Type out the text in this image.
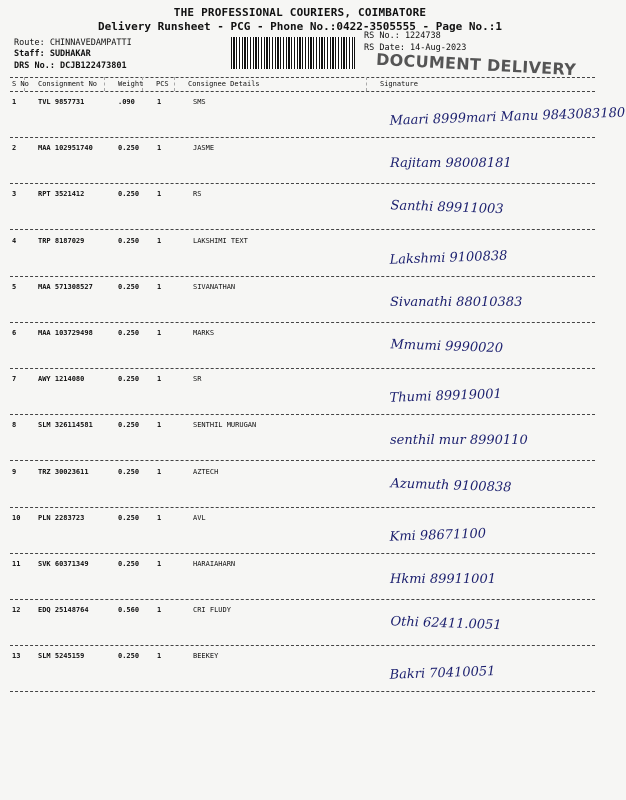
THE PROFESSIONAL COURIERS, COIMBATORE
Delivery Runsheet - PCG - Phone No.:0422-3505555 - Page No.:1
Route: CHINNAVEDAMPATTI
Staff: SUDHAKAR
DRS No.: DCJB122473801
RS No.: 1224738
RS Date: 14-Aug-2023
DOCUMENT DELIVERY
S No Consignment No	Weight PCS	Consignee Details	Signature
1	TVL 9857731	.090	1	SMS
Maari 8999mari Manu 9843083180
2	MAA 102951740	0.250	1	JASME
Rajitam 98008181
3	RPT 3521412	0.250	1	RS
Santhi 89911003
4	TRP 8187029	0.250	1	LAKSHIMI TEXT
Lakshmi 9100838
5	MAA 571308527	0.250	1	SIVANATHAN
Sivanathi 88010383
6	MAA 103729498	0.250	1	MARKS
Mmumi 9990020
7	AWY 1214080	0.250	1	SR
Thumi 89919001
8	SLM 326114581	0.250	1	SENTHIL MURUGAN
senthil mur 8990110
9	TRZ 30023611	0.250	1	AZTECH
Azumuth 9100838
10	PLN 2283723	0.250	1	AVL
Kmi 98671100
11	SVK 60371349	0.250	1	HARAIAHARN
Hkmi 89911001
12	EDQ 25148764	0.560	1	CRI FLUDY
Othi 62411.0051
13	SLM 5245159	0.250	1	BEEKEY
Bakri 70410051
